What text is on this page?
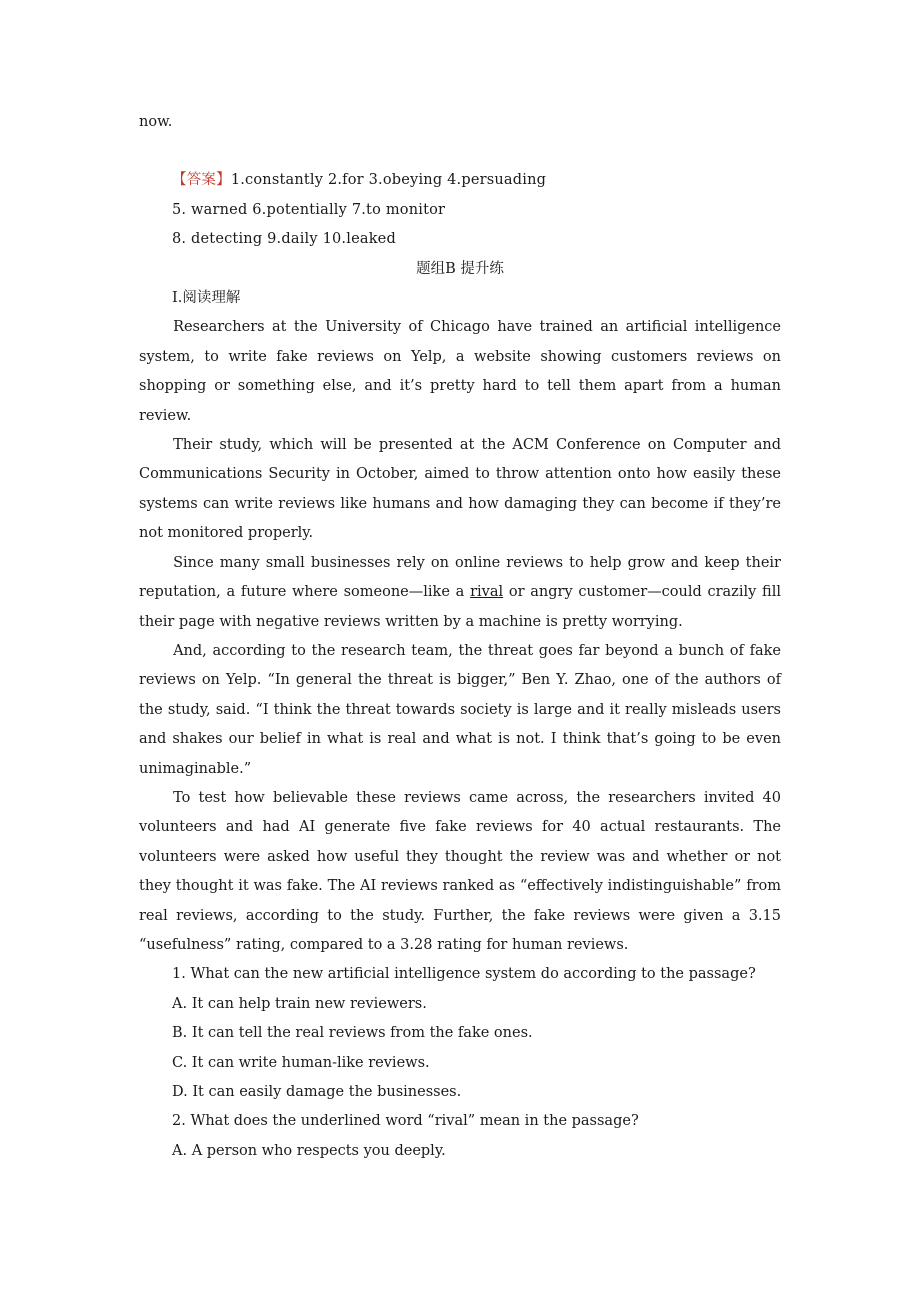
now.
【答案】1.constantly 2.for 3.obeying 4.persuading
5. warned 6.potentially 7.to monitor
8. detecting 9.daily 10.leaked
题组B 提升练
Ⅰ.阅读理解

Researchers at the University of Chicago have trained an artificial intelligence system, to write fake reviews on Yelp, a website showing customers reviews on shopping or something else, and it’s pretty hard to tell them apart from a human review.

Their study, which will be presented at the ACM Conference on Computer and Communications Security in October, aimed to throw attention onto how easily these systems can write reviews like humans and how damaging they can become if they’re not monitored properly.

Since many small businesses rely on online reviews to help grow and keep their reputation, a future where someone—like a rival or angry customer—could crazily fill their page with negative reviews written by a machine is pretty worrying.

And, according to the research team, the threat goes far beyond a bunch of fake reviews on Yelp. “In general the threat is bigger,” Ben Y. Zhao, one of the authors of the study, said. “I think the threat towards society is large and it really misleads users and shakes our belief in what is real and what is not. I think that’s going to be even unimaginable.”

To test how believable these reviews came across, the researchers invited 40 volunteers and had AI generate five fake reviews for 40 actual restaurants. The volunteers were asked how useful they thought the review was and whether or not they thought it was fake. The AI reviews ranked as “effectively indistinguishable” from real reviews, according to the study. Further, the fake reviews were given a 3.15 “usefulness” rating, compared to a 3.28 rating for human reviews.

1. What can the new artificial intelligence system do according to the passage?
A. It can help train new reviewers.
B. It can tell the real reviews from the fake ones.
C. It can write human-like reviews.
D. It can easily damage the businesses.
2. What does the underlined word “rival” mean in the passage?
A. A person who respects you deeply.
